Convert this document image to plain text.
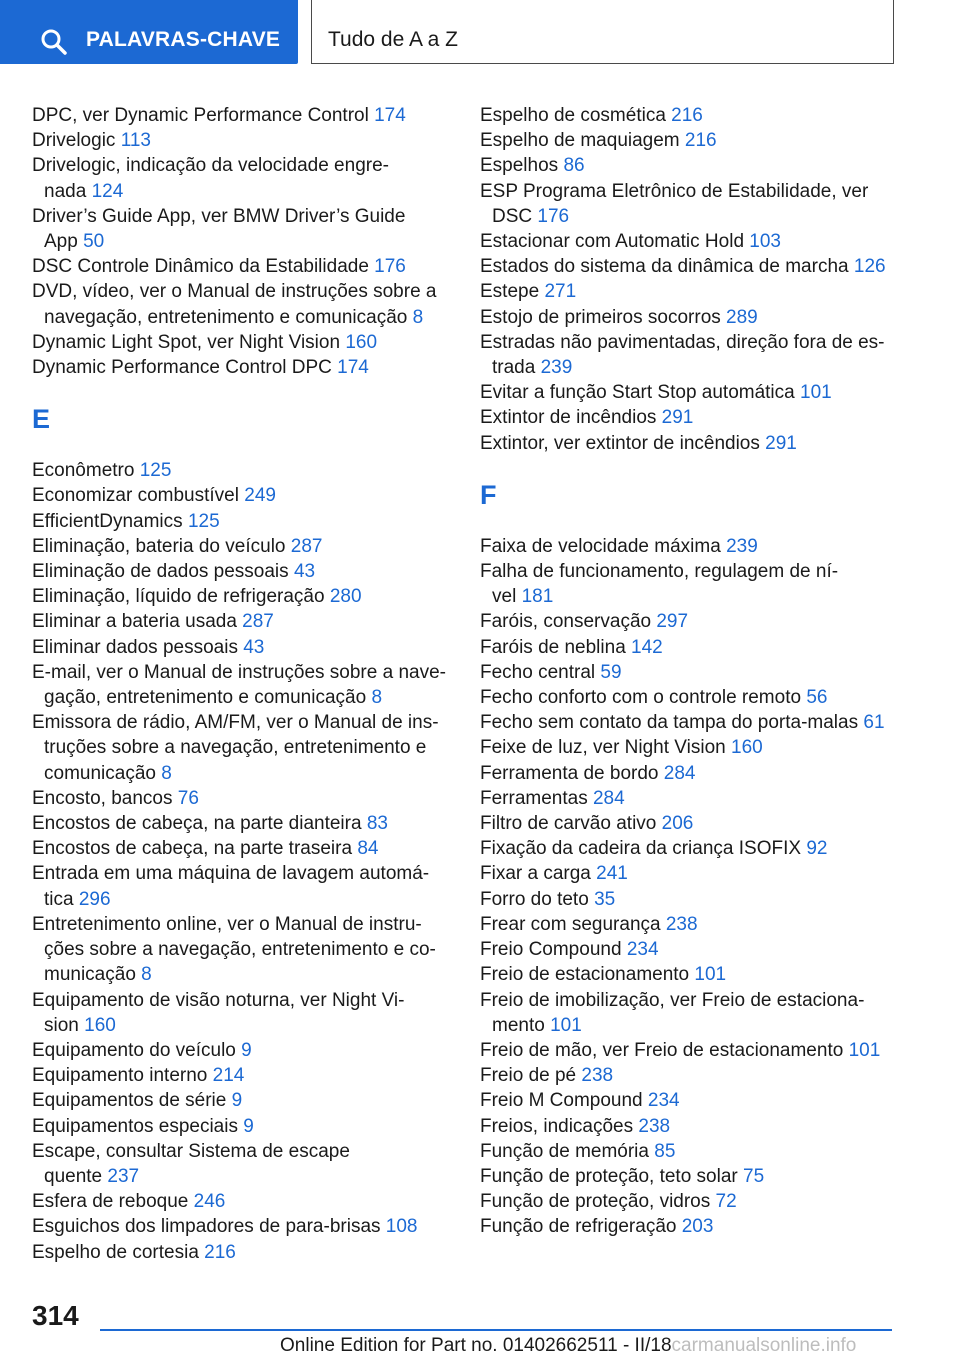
PALAVRAS-CHAVE Tudo de A a Z
DPC, ver Dynamic Performance Control 174
Drivelogic 113
Drivelogic, indicação da velocidade engre-
nada 124
Driver’s Guide App, ver BMW Driver’s Guide
App 50
DSC Controle Dinâmico da Estabilidade 176
DVD, vídeo, ver o Manual de instruções sobre a
navegação, entretenimento e comunicação 8
Dynamic Light Spot, ver Night Vision 160
Dynamic Performance Control DPC 174
E
Econômetro 125
Economizar combustível 249
EfficientDynamics 125
Eliminação, bateria do veículo 287
Eliminação de dados pessoais 43
Eliminação, líquido de refrigeração 280
Eliminar a bateria usada 287
Eliminar dados pessoais 43
E-mail, ver o Manual de instruções sobre a nave-
gação, entretenimento e comunicação 8
Emissora de rádio, AM/FM, ver o Manual de ins-
truções sobre a navegação, entretenimento e
comunicação 8
Encosto, bancos 76
Encostos de cabeça, na parte dianteira 83
Encostos de cabeça, na parte traseira 84
Entrada em uma máquina de lavagem automá-
tica 296
Entretenimento online, ver o Manual de instru-
ções sobre a navegação, entretenimento e co-
municação 8
Equipamento de visão noturna, ver Night Vi-
sion 160
Equipamento do veículo 9
Equipamento interno 214
Equipamentos de série 9
Equipamentos especiais 9
Escape, consultar Sistema de escape
quente 237
Esfera de reboque 246
Esguichos dos limpadores de para-brisas 108
Espelho de cortesia 216
Espelho de cosmética 216
Espelho de maquiagem 216
Espelhos 86
ESP Programa Eletrônico de Estabilidade, ver
DSC 176
Estacionar com Automatic Hold 103
Estados do sistema da dinâmica de marcha 126
Estepe 271
Estojo de primeiros socorros 289
Estradas não pavimentadas, direção fora de es-
trada 239
Evitar a função Start Stop automática 101
Extintor de incêndios 291
Extintor, ver extintor de incêndios 291
F
Faixa de velocidade máxima 239
Falha de funcionamento, regulagem de ní-
vel 181
Faróis, conservação 297
Faróis de neblina 142
Fecho central 59
Fecho conforto com o controle remoto 56
Fecho sem contato da tampa do porta-malas 61
Feixe de luz, ver Night Vision 160
Ferramenta de bordo 284
Ferramentas 284
Filtro de carvão ativo 206
Fixação da cadeira da criança ISOFIX 92
Fixar a carga 241
Forro do teto 35
Frear com segurança 238
Freio Compound 234
Freio de estacionamento 101
Freio de imobilização, ver Freio de estaciona-
mento 101
Freio de mão, ver Freio de estacionamento 101
Freio de pé 238
Freio M Compound 234
Freios, indicações 238
Função de memória 85
Função de proteção, teto solar 75
Função de proteção, vidros 72
Função de refrigeração 203
314
Online Edition for Part no. 01402662511 - II/18carmanualsonline.info
